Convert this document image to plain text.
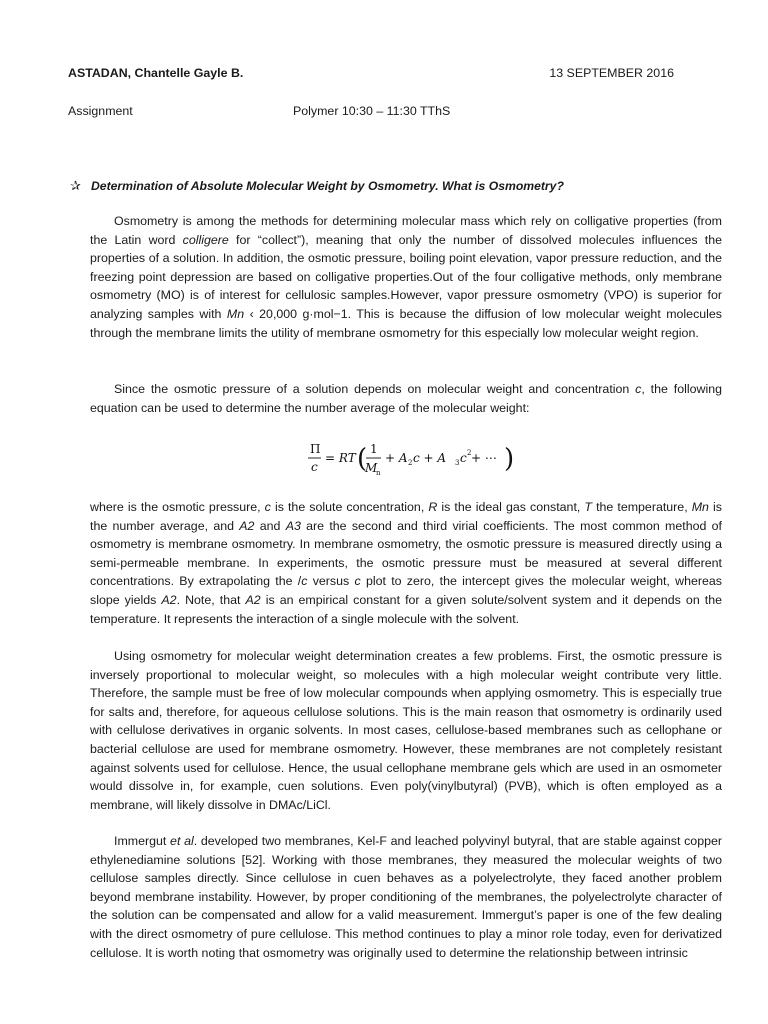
ASTADAN, Chantelle Gayle B.	13 SEPTEMBER 2016
Assignment	Polymer 10:30 – 11:30 TThS
✰ Determination of Absolute Molecular Weight by Osmometry. What is Osmometry?

Osmometry is among the methods for determining molecular mass which rely on colligative properties (from the Latin word colligere for “collect”), meaning that only the number of dissolved molecules influences the properties of a solution. In addition, the osmotic pressure, boiling point elevation, vapor pressure reduction, and the freezing point depression are based on colligative properties.Out of the four colligative methods, only membrane osmometry (MO) is of interest for cellulosic samples.However, vapor pressure osmometry (VPO) is superior for analyzing samples with Mn ‹ 20,000 g·mol−1. This is because the diffusion of low molecular weight molecules through the membrane limits the utility of membrane osmometry for this especially low molecular weight region.

Since the osmotic pressure of a solution depends on molecular weight and concentration c, the following equation can be used to determine the number average of the molecular weight:

Π
c
= RT ( 1
M
n
+ A 2 c + A 3 c 2 + ⋯ )

where is the osmotic pressure, c is the solute concentration, R is the ideal gas constant, T the temperature, Mn is the number average, and A2 and A3 are the second and third virial coefficients. The most common method of osmometry is membrane osmometry. In membrane osmometry, the osmotic pressure is measured directly using a semi-permeable membrane. In experiments, the osmotic pressure must be measured at several different concentrations. By extrapolating the /c versus c plot to zero, the intercept gives the molecular weight, whereas slope yields A2. Note, that A2 is an empirical constant for a given solute/solvent system and it depends on the temperature. It represents the interaction of a single molecule with the solvent.

Using osmometry for molecular weight determination creates a few problems. First, the osmotic pressure is inversely proportional to molecular weight, so molecules with a high molecular weight contribute very little. Therefore, the sample must be free of low molecular compounds when applying osmometry. This is especially true for salts and, therefore, for aqueous cellulose solutions. This is the main reason that osmometry is ordinarily used with cellulose derivatives in organic solvents. In most cases, cellulose-based membranes such as cellophane or bacterial cellulose are used for membrane osmometry. However, these membranes are not completely resistant against solvents used for cellulose. Hence, the usual cellophane membrane gels which are used in an osmometer would dissolve in, for example, cuen solutions. Even poly(vinylbutyral) (PVB), which is often employed as a membrane, will likely dissolve in DMAc/LiCl.

Immergut et al. developed two membranes, Kel-F and leached polyvinyl butyral, that are stable against copper ethylenediamine solutions [52]. Working with those membranes, they measured the molecular weights of two cellulose samples directly. Since cellulose in cuen behaves as a polyelectrolyte, they faced another problem beyond membrane instability. However, by proper conditioning of the membranes, the polyelectrolyte character of the solution can be compensated and allow for a valid measurement. Immergut’s paper is one of the few dealing with the direct osmometry of pure cellulose. This method continues to play a minor role today, even for derivatized cellulose. It is worth noting that osmometry was originally used to determine the relationship between intrinsic
